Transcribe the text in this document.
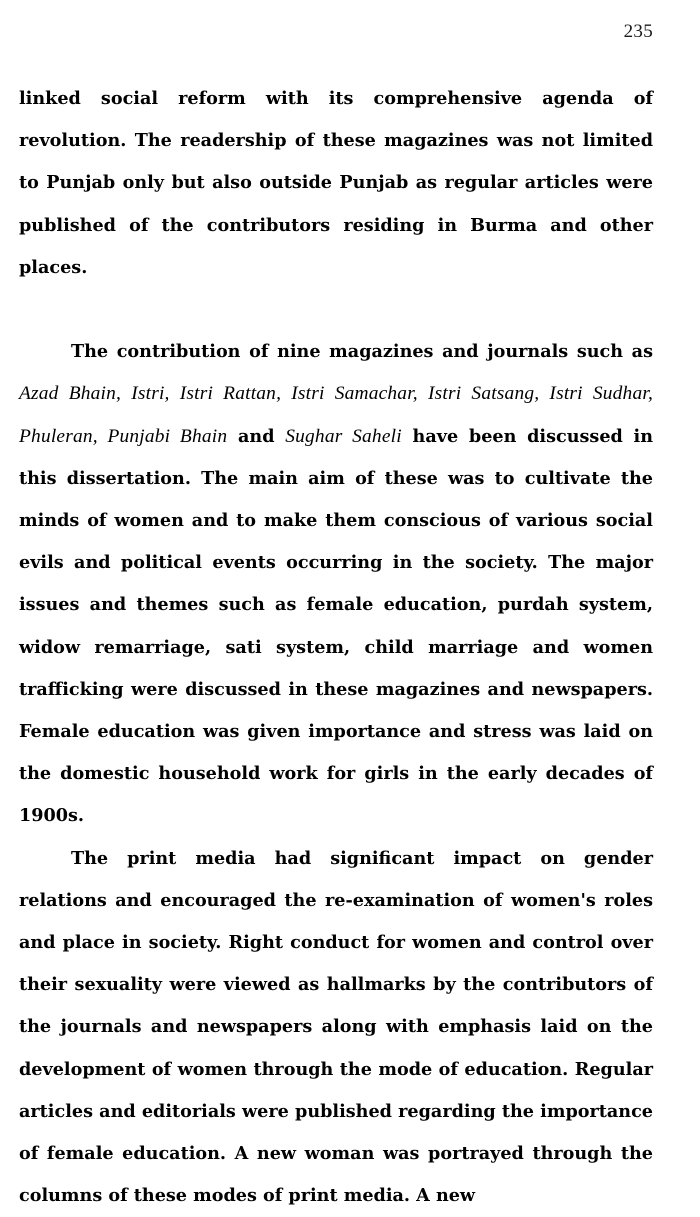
235

linked social reform with its comprehensive agenda of revolution. The readership of these magazines was not limited to Punjab only but also outside Punjab as regular articles were published of the contributors residing in Burma and other places.

The contribution of nine magazines and journals such as Azad Bhain, Istri, Istri Rattan, Istri Samachar, Istri Satsang, Istri Sudhar, Phuleran, Punjabi Bhain and Sughar Saheli have been discussed in this dissertation. The main aim of these was to cultivate the minds of women and to make them conscious of various social evils and political events occurring in the society. The major issues and themes such as female education, purdah system, widow remarriage, sati system, child marriage and women trafficking were discussed in these magazines and newspapers. Female education was given importance and stress was laid on the domestic household work for girls in the early decades of 1900s.

The print media had significant impact on gender relations and encouraged the re-examination of women's roles and place in society. Right conduct for women and control over their sexuality were viewed as hallmarks by the contributors of the journals and newspapers along with emphasis laid on the development of women through the mode of education. Regular articles and editorials were published regarding the importance of female education. A new woman was portrayed through the columns of these modes of print media. A new
